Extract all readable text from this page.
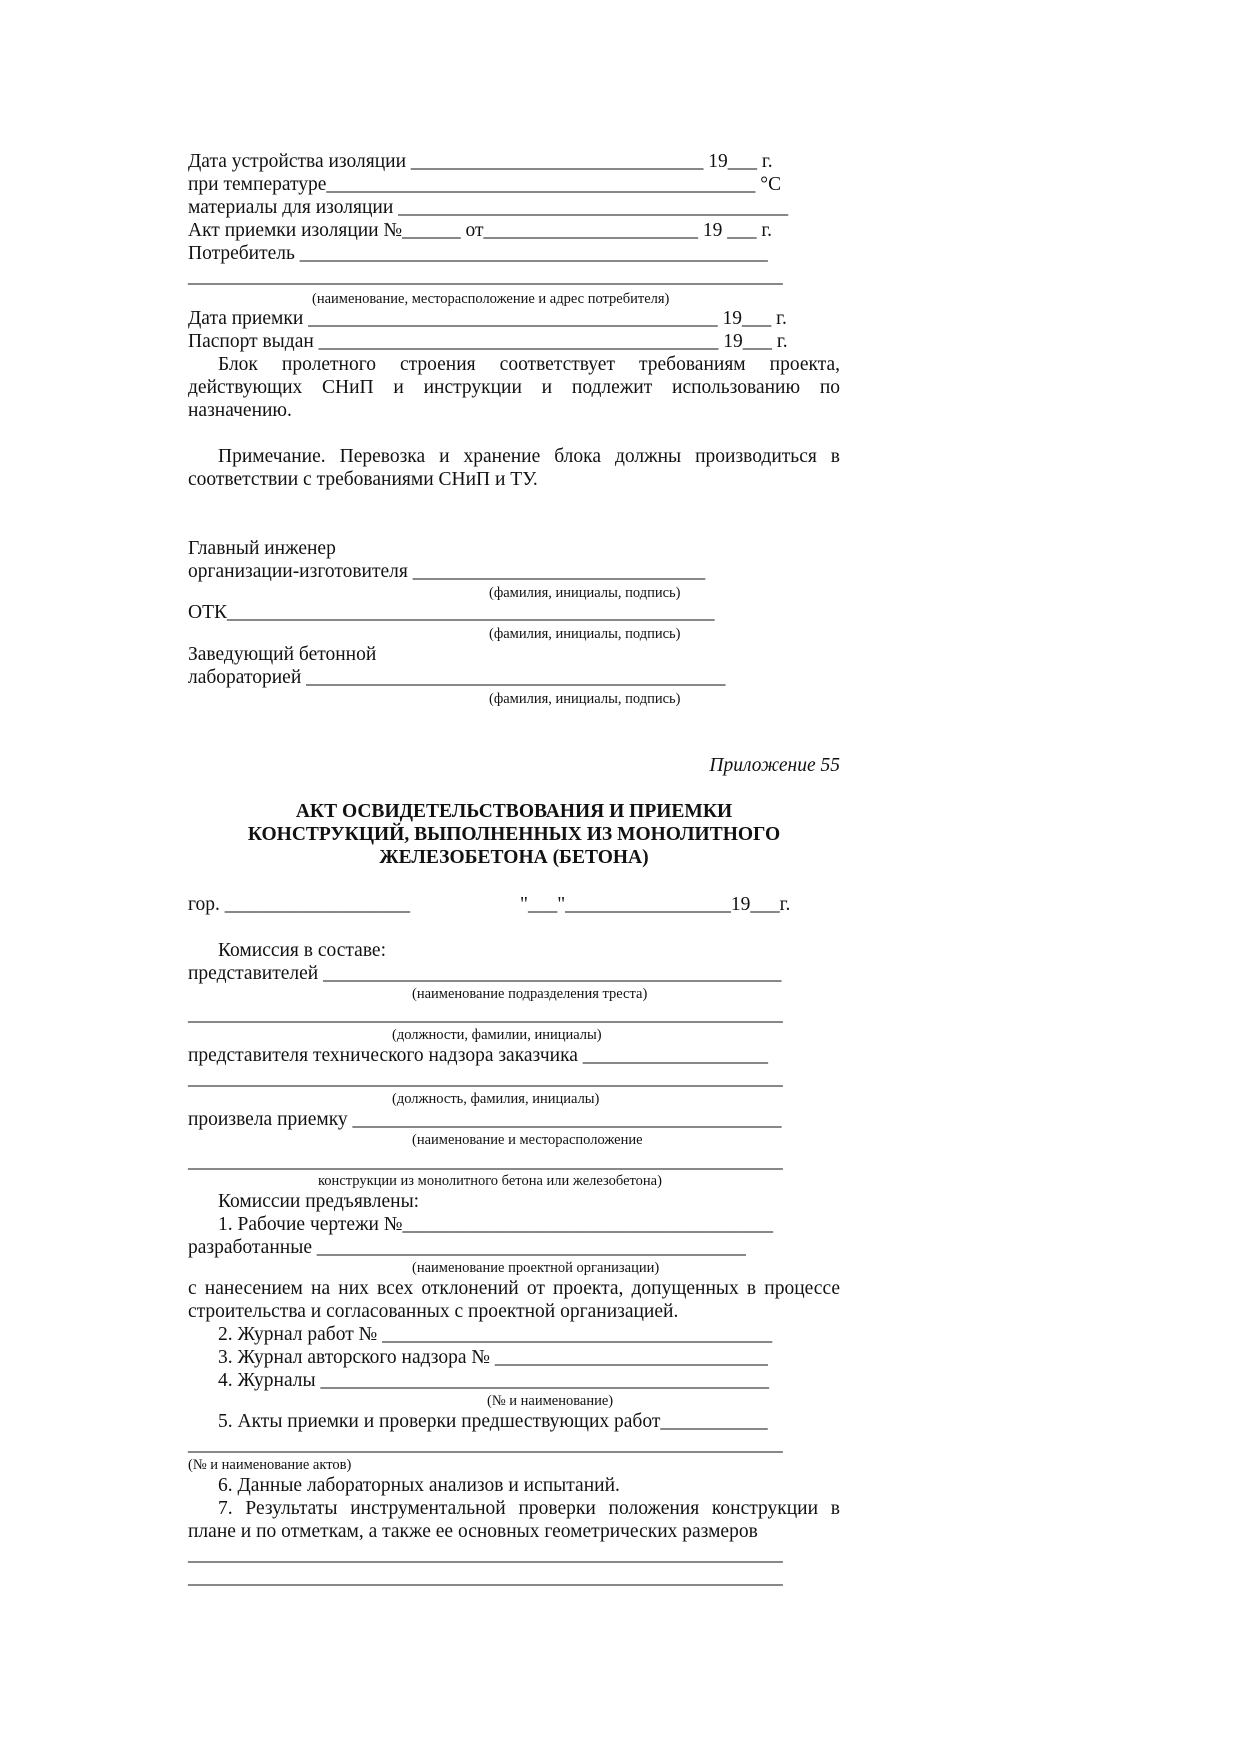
Дата устройства изоляции ______________________________ 19___ г.
при температуре____________________________________________ °С
материалы для изоляции ________________________________________
Акт приемки изоляции №______ от______________________ 19 ___ г.
Потребитель ________________________________________________
_____________________________________________________________
(наименование, месторасположение и адрес потребителя)
Дата приемки __________________________________________ 19___ г.
Паспорт выдан _________________________________________ 19___ г.
Блок пролетного строения соответствует требованиям проекта, действующих СНиП и инструкции и подлежит использованию по назначению.
Примечание. Перевозка и хранение блока должны производиться в соответствии с требованиями СНиП и ТУ.
Главный инженер
организации-изготовителя ______________________________
(фамилия, инициалы, подпись)
ОТК__________________________________________________
(фамилия, инициалы, подпись)
Заведующий бетонной
лабораторией ___________________________________________
(фамилия, инициалы, подпись)
Приложение 55
АКТ ОСВИДЕТЕЛЬСТВОВАНИЯ И ПРИЕМКИ
КОНСТРУКЦИЙ, ВЫПОЛНЕННЫХ ИЗ МОНОЛИТНОГО
ЖЕЛЕЗОБЕТОНА (БЕТОНА)
гор. ___________________	"___"_________________19___г.
Комиссия в составе:
представителей _______________________________________________
(наименование подразделения треста)
_____________________________________________________________
(должности, фамилии, инициалы)
представителя технического надзора заказчика ___________________
_____________________________________________________________
(должность, фамилия, инициалы)
произвела приемку ____________________________________________
(наименование и месторасположение
_____________________________________________________________
конструкции из монолитного бетона или железобетона)
Комиссии предъявлены:
1. Рабочие чертежи №______________________________________
разработанные ____________________________________________
(наименование проектной организации)
с нанесением на них всех отклонений от проекта, допущенных в процессе строительства и согласованных с проектной организацией.
2. Журнал работ № ________________________________________
3. Журнал авторского надзора № ____________________________
4. Журналы ______________________________________________
(№ и наименование)
5. Акты приемки и проверки предшествующих работ___________
_____________________________________________________________
(№ и наименование актов)
6. Данные лабораторных анализов и испытаний.
7. Результаты инструментальной проверки положения конструкции в плане и по отметкам, а также ее основных геометрических размеров
_____________________________________________________________
_____________________________________________________________
